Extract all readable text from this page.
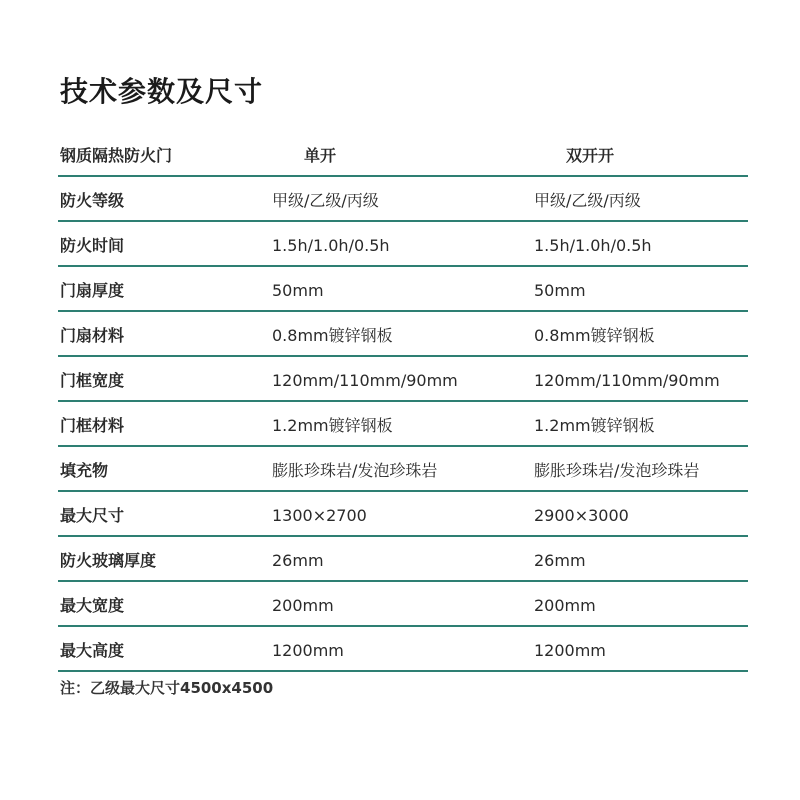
技术参数及尺寸
钢质隔热防火门	单开	双开开
防火等级	甲级/乙级/丙级	甲级/乙级/丙级
防火时间	1.5h/1.0h/0.5h	1.5h/1.0h/0.5h
门扇厚度	50mm	50mm
门扇材料	0.8mm镀锌钢板	0.8mm镀锌钢板
门框宽度	120mm/110mm/90mm	120mm/110mm/90mm
门框材料	1.2mm镀锌钢板	1.2mm镀锌钢板
填充物	膨胀珍珠岩/发泡珍珠岩	膨胀珍珠岩/发泡珍珠岩
最大尺寸	1300×2700	2900×3000
防火玻璃厚度	26mm	26mm
最大宽度	200mm	200mm
最大高度	1200mm	1200mm
注：乙级最大尺寸4500x4500
